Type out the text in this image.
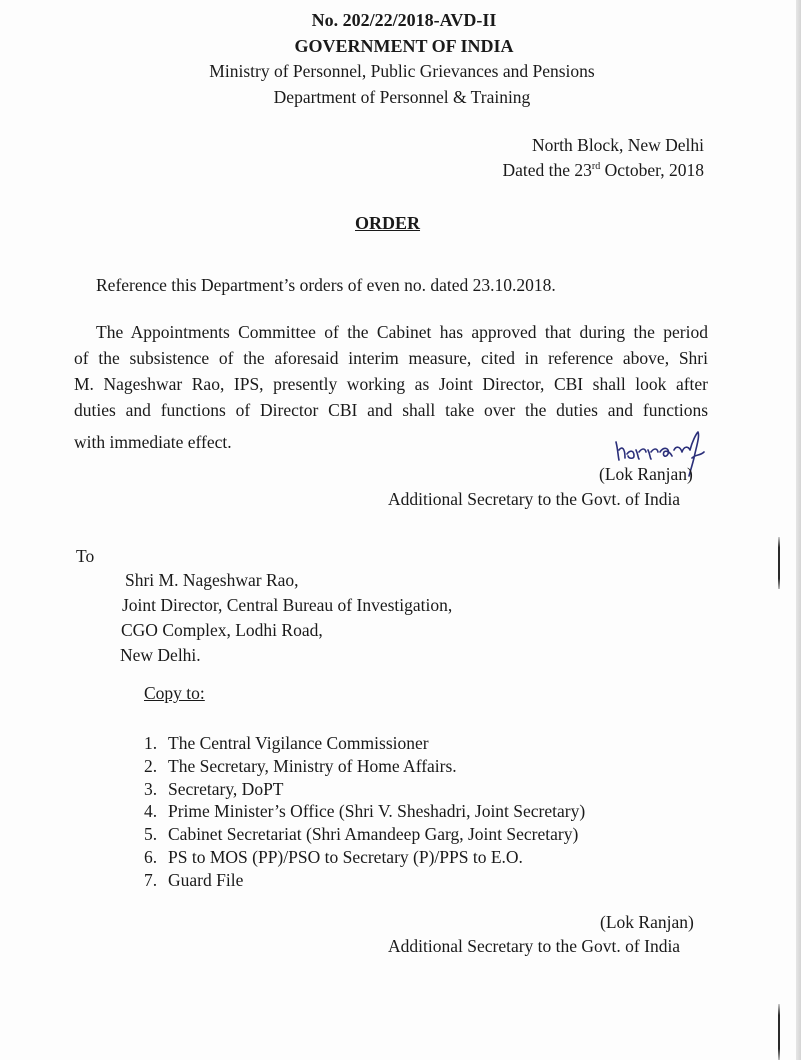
No. 202/22/2018-AVD-II
GOVERNMENT OF INDIA
Ministry of Personnel, Public Grievances and Pensions
Department of Personnel & Training
North Block, New Delhi
Dated the 23rd October, 2018
ORDER
Reference this Department’s orders of even no. dated 23.10.2018.
The Appointments Committee of the Cabinet has approved that during the period
of the subsistence of the aforesaid interim measure, cited in reference above, Shri
M. Nageshwar Rao, IPS, presently working as Joint Director, CBI shall look after
duties and functions of Director CBI and shall take over the duties and functions
with immediate effect.
(Lok Ranjan)
Additional Secretary to the Govt. of India
To
Shri M. Nageshwar Rao,
Joint Director, Central Bureau of Investigation,
CGO Complex, Lodhi Road,
New Delhi.
Copy to:
1. The Central Vigilance Commissioner
2. The Secretary, Ministry of Home Affairs.
3. Secretary, DoPT
4. Prime Minister’s Office (Shri V. Sheshadri, Joint Secretary)
5. Cabinet Secretariat (Shri Amandeep Garg, Joint Secretary)
6. PS to MOS (PP)/PSO to Secretary (P)/PPS to E.O.
7. Guard File
(Lok Ranjan)
Additional Secretary to the Govt. of India
